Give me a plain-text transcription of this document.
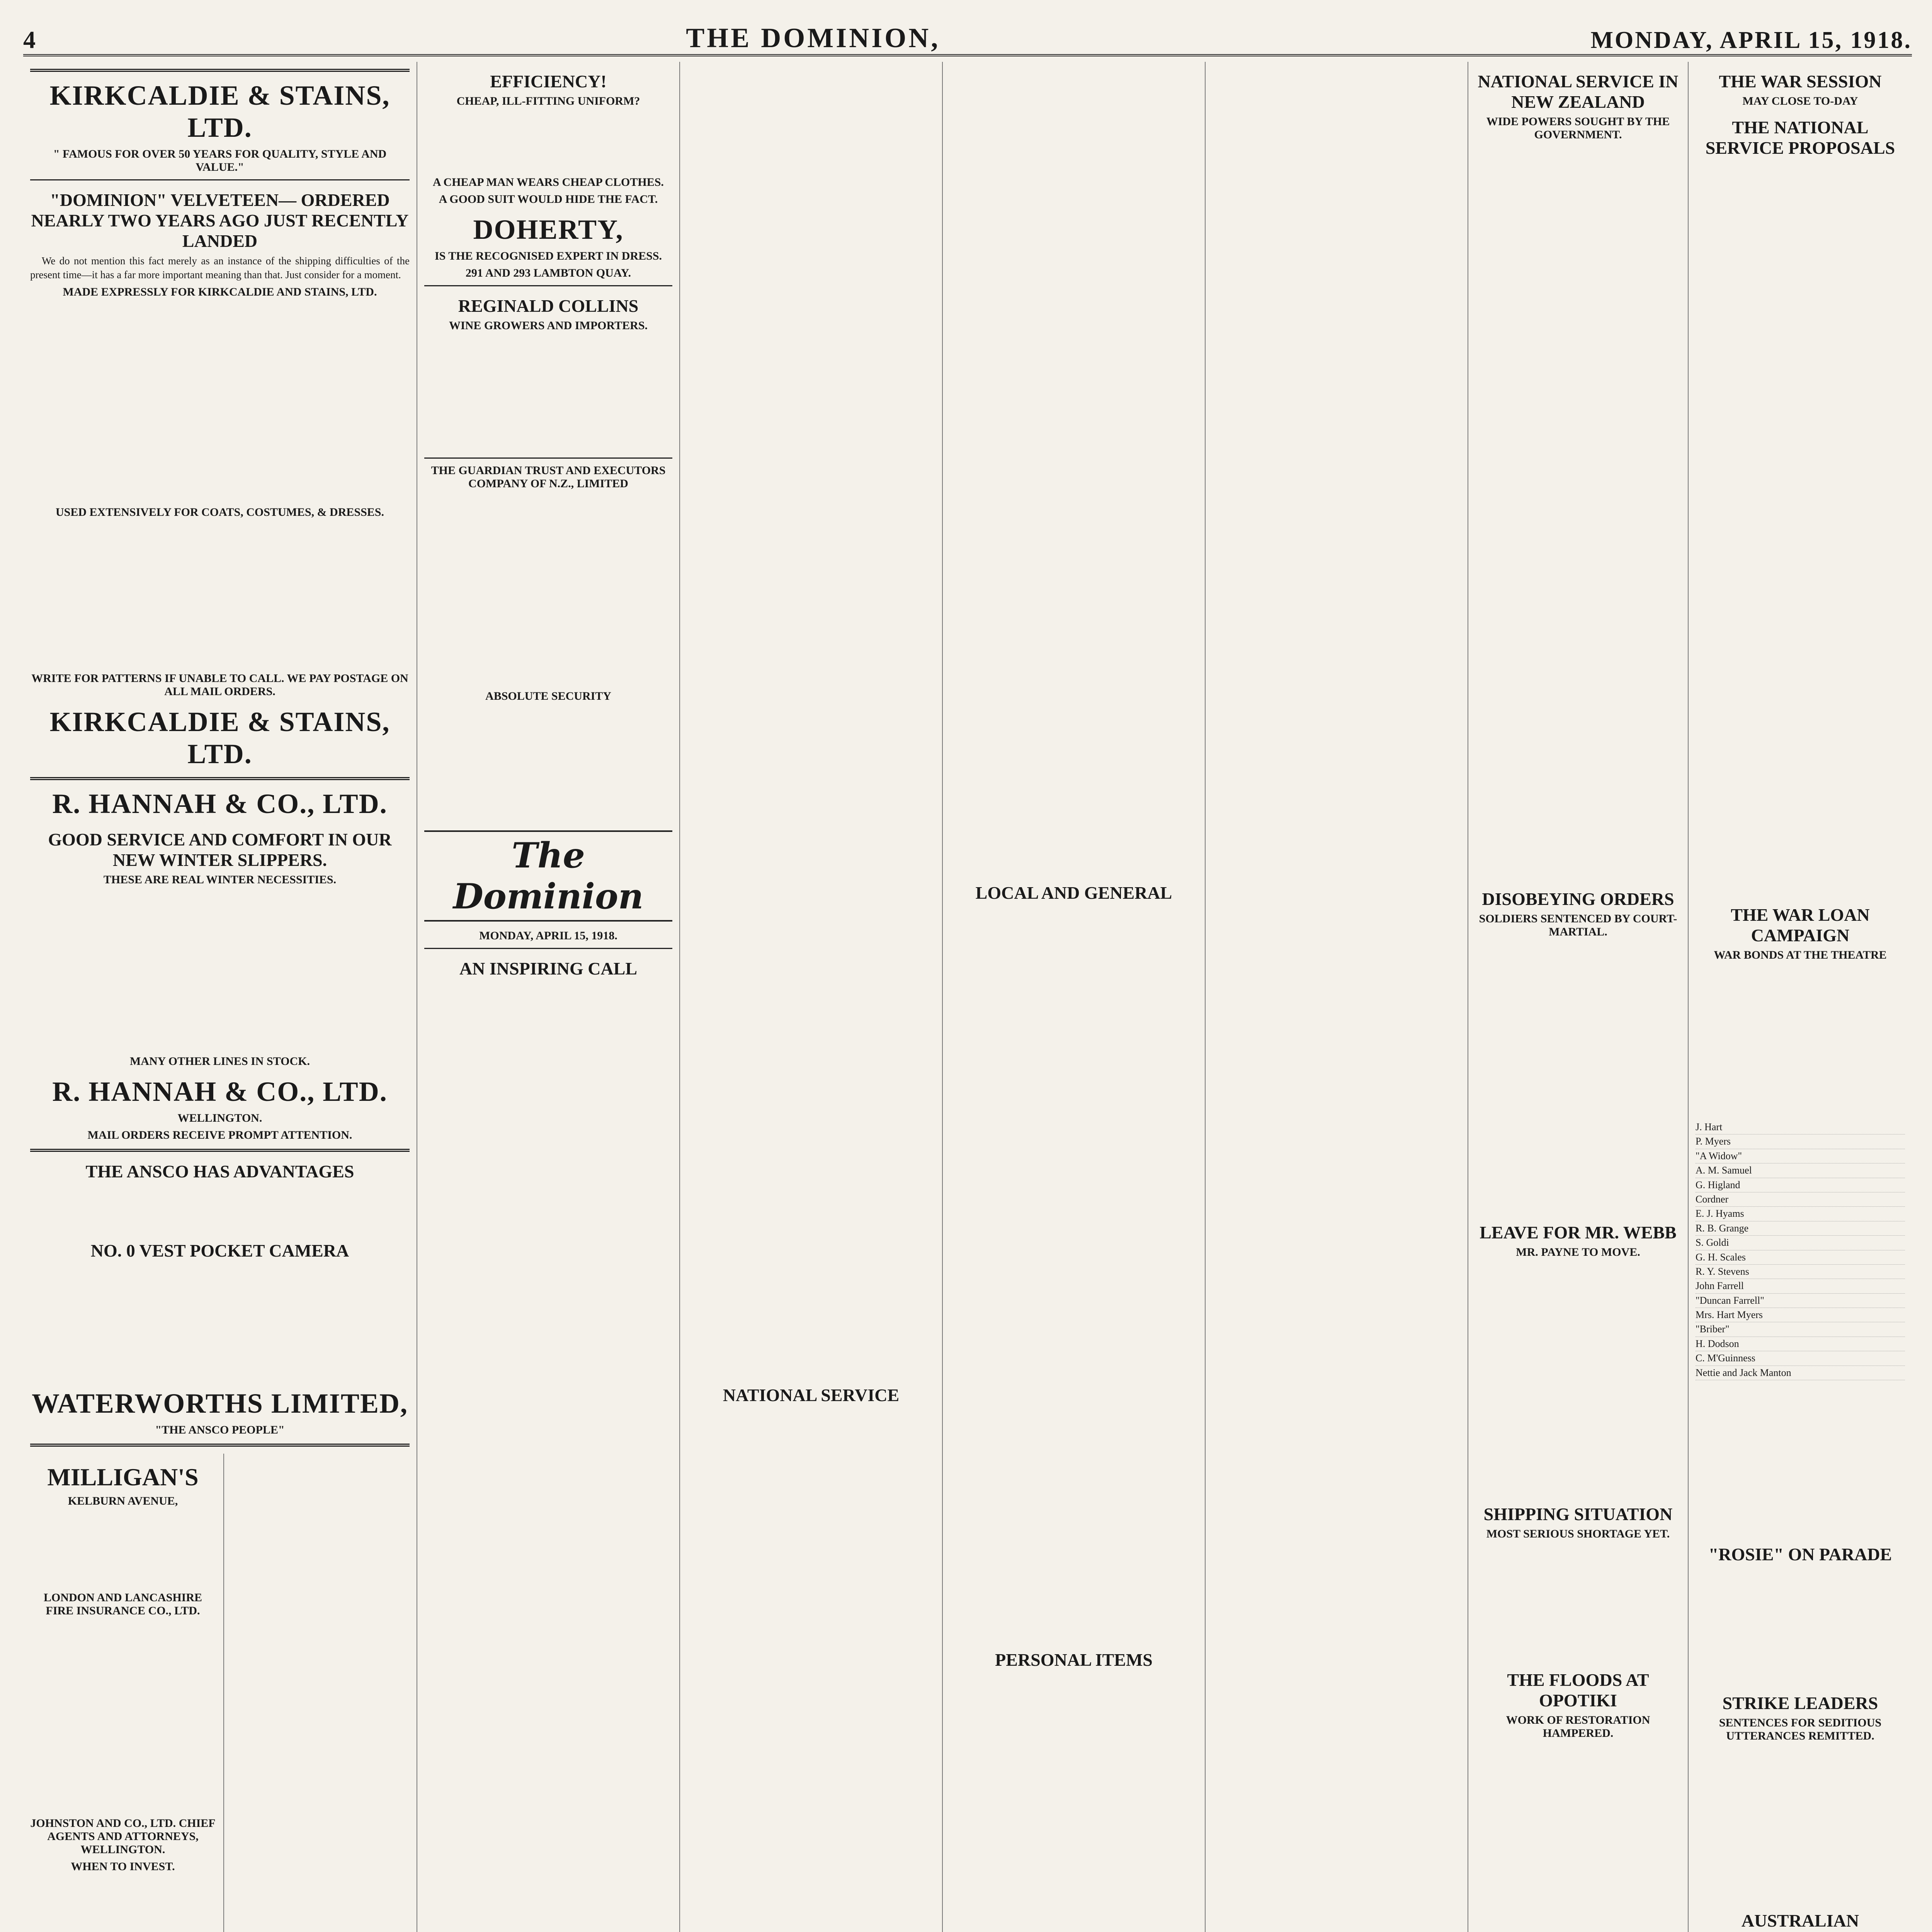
4	THE DOMINION,	MONDAY, APRIL 15, 1918.
KIRKCALDIE & STAINS, LTD.
" FAMOUS FOR OVER 50 YEARS FOR QUALITY, STYLE AND VALUE."
"DOMINION" VELVETEEN— ORDERED NEARLY TWO YEARS AGO JUST RECENTLY LANDED

We do not mention this fact merely as an instance of the shipping difficulties of the present time—it has a far more important meaning than that. Just consider for a moment.

MADE EXPRESSLY FOR KIRKCALDIE AND STAINS, LTD.
USED EXTENSIVELY FOR COATS, COSTUMES, & DRESSES.
WRITE FOR PATTERNS IF UNABLE TO CALL. WE PAY POSTAGE ON ALL MAIL ORDERS.
KIRKCALDIE & STAINS, LTD.
R. HANNAH & CO., LTD.
GOOD SERVICE AND COMFORT IN OUR NEW WINTER SLIPPERS.
THESE ARE REAL WINTER NECESSITIES.
MANY OTHER LINES IN STOCK.
R. HANNAH & CO., LTD.
WELLINGTON.
MAIL ORDERS RECEIVE PROMPT ATTENTION.
THE ANSCO HAS ADVANTAGES
NO. 0 VEST POCKET CAMERA
WATERWORTHS LIMITED,
"THE ANSCO PEOPLE"
MILLIGAN'S
KELBURN AVENUE,
LONDON AND LANCASHIRE FIRE INSURANCE CO., LTD.
JOHNSTON AND CO., LTD. CHIEF AGENTS AND ATTORNEYS, WELLINGTON.
WHEN TO INVEST.
EFFICIENCY!
CHEAP, ILL-FITTING UNIFORM?
A CHEAP MAN WEARS CHEAP CLOTHES.
A GOOD SUIT WOULD HIDE THE FACT.
DOHERTY,
IS THE RECOGNISED EXPERT IN DRESS.
291 AND 293 LAMBTON QUAY.
REGINALD COLLINS
WINE GROWERS AND IMPORTERS.
THE GUARDIAN TRUST AND EXECUTORS COMPANY OF N.Z., LIMITED
ABSOLUTE SECURITY
The Dominion
MONDAY, APRIL 15, 1918.
AN INSPIRING CALL
NATIONAL SERVICE
LOCAL AND GENERAL
PERSONAL ITEMS
NATIONAL SERVICE IN NEW ZEALAND
WIDE POWERS SOUGHT BY THE GOVERNMENT.
DISOBEYING ORDERS
SOLDIERS SENTENCED BY COURT-MARTIAL.
LEAVE FOR MR. WEBB
MR. PAYNE TO MOVE.
SHIPPING SITUATION
MOST SERIOUS SHORTAGE YET.
THE FLOODS AT OPOTIKI
WORK OF RESTORATION HAMPERED.
THE WAR SESSION
MAY CLOSE TO-DAY
THE NATIONAL SERVICE PROPOSALS
THE WAR LOAN CAMPAIGN
WAR BONDS AT THE THEATRE
J. Hart
P. Myers
"A Widow"
A. M. Samuel
G. Higland
Cordner
E. J. Hyams
R. B. Grange
S. Goldi
G. H. Scales
R. Y. Stevens
John Farrell
"Duncan Farrell"
Mrs. Hart Myers
"Briber"
H. Dodson
C. M'Guinness
Nettie and Jack Manton
"ROSIE" ON PARADE
STRIKE LEADERS
SENTENCES FOR SEDITIOUS UTTERANCES REMITTED.
AUSTRALIAN
